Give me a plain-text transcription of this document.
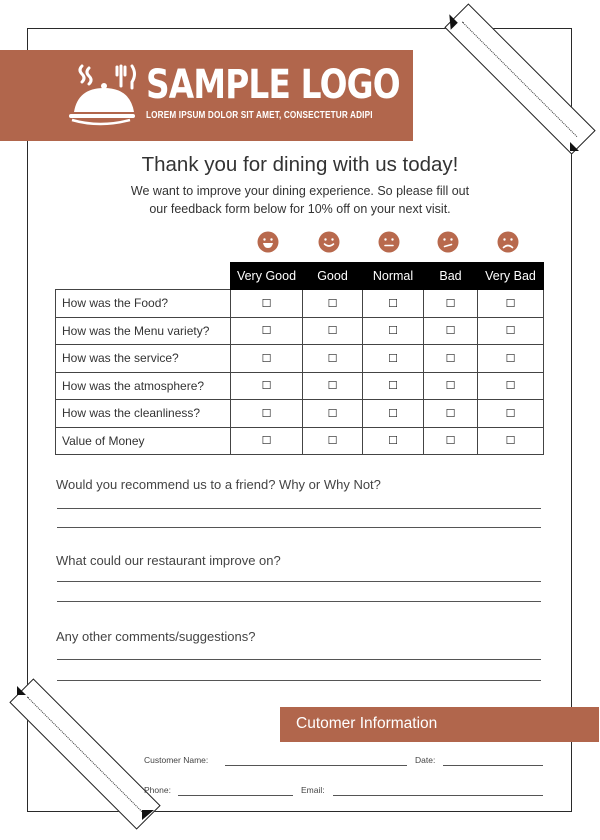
SAMPLE LOGO
LOREM IPSUM DOLOR SIT AMET, CONSECTETUR ADIPI
Thank you for dining with us today!
We want to improve your dining experience. So please fill out
our feedback form below for 10% off on your next visit.
	Very Good	Good	Normal	Bad	Very Bad
How was the Food?	☐	☐	☐	☐	☐
How was the Menu variety?	☐	☐	☐	☐	☐
How was the service?	☐	☐	☐	☐	☐
How was the atmosphere?	☐	☐	☐	☐	☐
How was the cleanliness?	☐	☐	☐	☐	☐
Value of Money	☐	☐	☐	☐	☐
Would you recommend us to a friend? Why or Why Not?
What could our restaurant improve on?
Any other comments/suggestions?
Cutomer Information
Customer Name:	Date:
Phone:	Email:
